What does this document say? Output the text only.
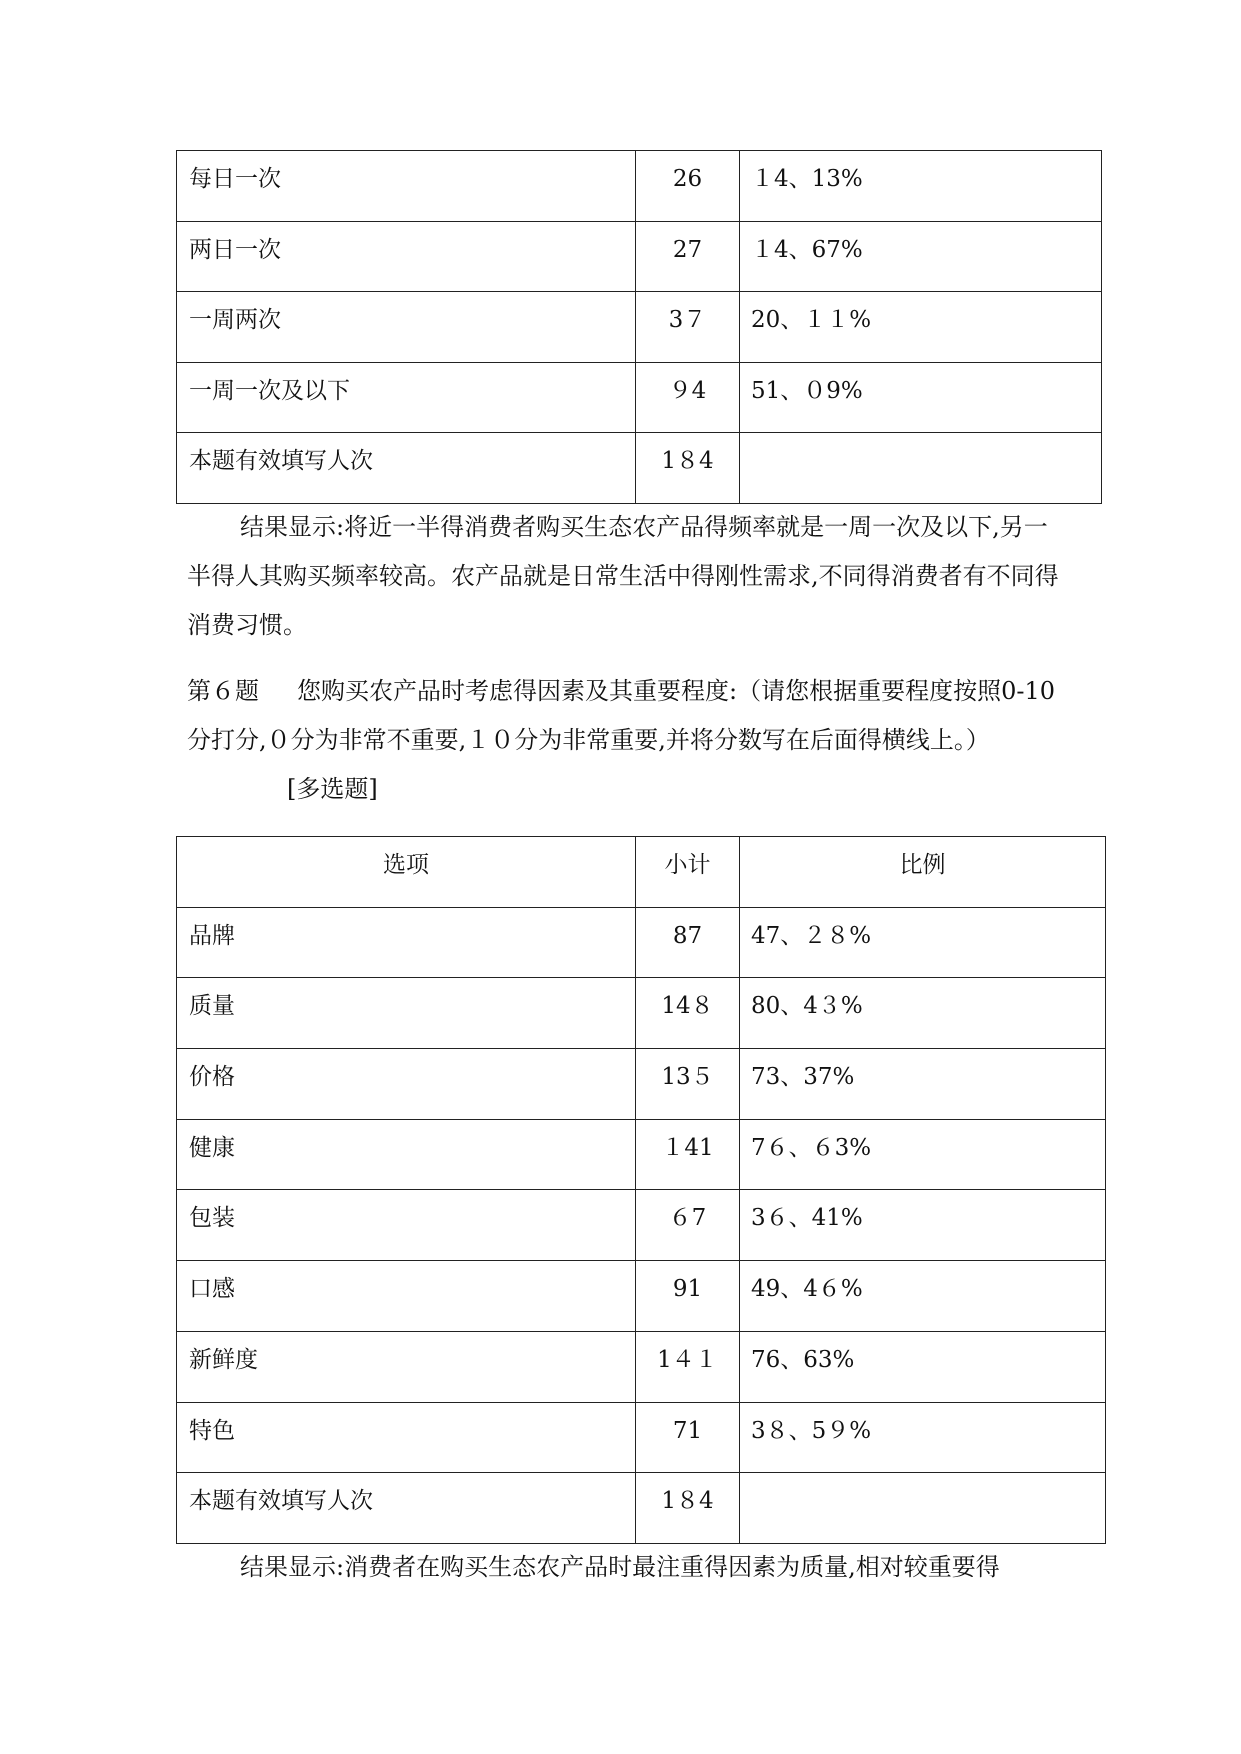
每日一次	26	１4、13%
两日一次	27	１4、67%
一周两次	3７	20、１１%
一周一次及以下	９4	51、０9%
本题有效填写人次	1８4	

结果显示:将近一半得消费者购买生态农产品得频率就是一周一次及以下,另一半得人其购买频率较高。农产品就是日常生活中得刚性需求,不同得消费者有不同得消费习惯。

第６题 您购买农产品时考虑得因素及其重要程度:（请您根据重要程度按照0-10分打分,０分为非常不重要,１０分为非常重要,并将分数写在后面得横线上。）[多选题]

选项	小计	比例
品牌	87	47、２８%
质量	14８	80、4３%
价格	13５	73、37%
健康	１41	7６、６3%
包装	６7	3６、41%
口感	91	49、4６%
新鲜度	1４１	76、63%
特色	71	3８、5９%
本题有效填写人次	1８4	

结果显示:消费者在购买生态农产品时最注重得因素为质量,相对较重要得
